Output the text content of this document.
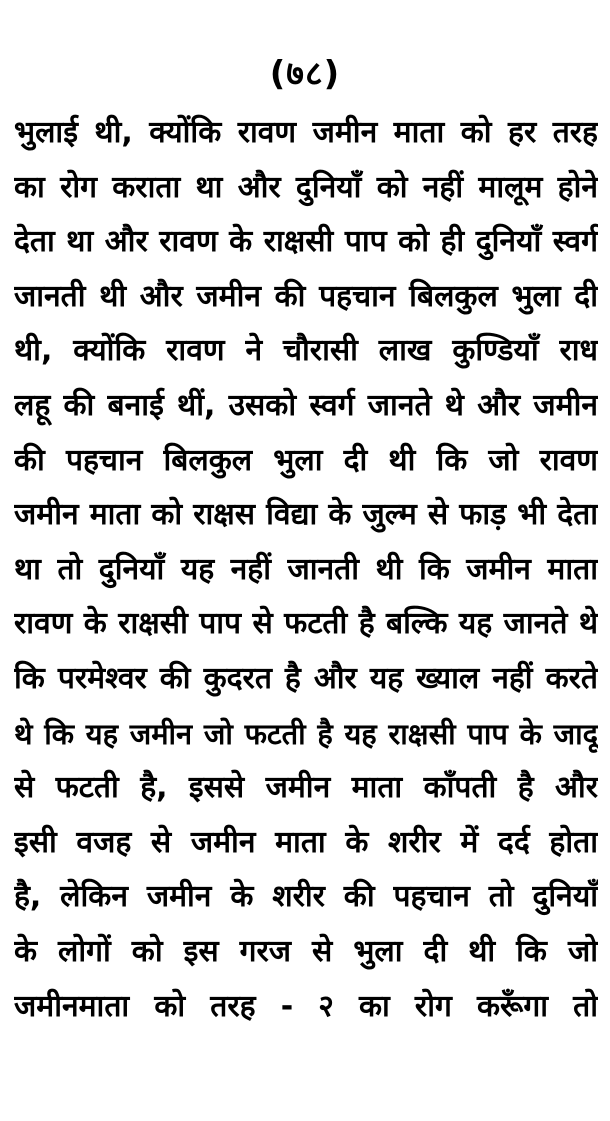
(७८)
भुलाई थी, क्योंकि रावण जमीन माता को हर तरह
का रोग कराता था और दुनियाँ को नहीं मालूम होने
देता था और रावण के राक्षसी पाप को ही दुनियाँ स्वर्ग
जानती थी और जमीन की पहचान बिलकुल भुला दी
थी, क्योंकि रावण ने चौरासी लाख कुण्डियाँ राध
लहू की बनाई थीं, उसको स्वर्ग जानते थे और जमीन
की पहचान बिलकुल भुला दी थी कि जो रावण
जमीन माता को राक्षस विद्या के जुल्म से फाड़ भी देता
था तो दुनियाँ यह नहीं जानती थी कि जमीन माता
रावण के राक्षसी पाप से फटती है बल्कि यह जानते थे
कि परमेश्वर की कुदरत है और यह ख्याल नहीं करते
थे कि यह जमीन जो फटती है यह राक्षसी पाप के जादू
से फटती है, इससे जमीन माता काँपती है और
इसी वजह से जमीन माता के शरीर में दर्द होता
है, लेकिन जमीन के शरीर की पहचान तो दुनियाँ
के लोगों को इस गरज से भुला दी थी कि जो
जमीनमाता को तरह - २ का रोग करूँगा तो
